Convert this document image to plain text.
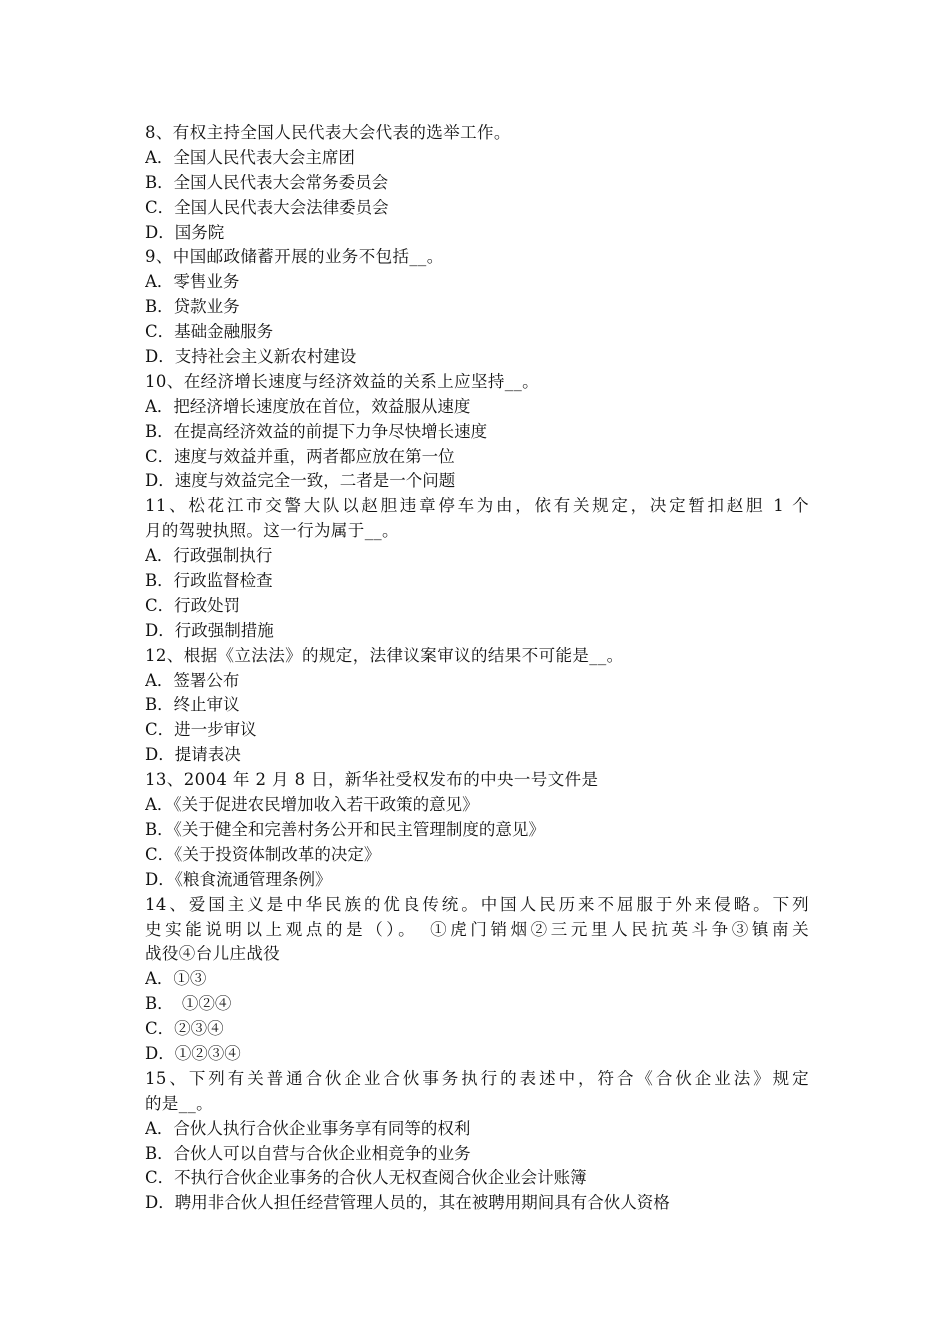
8、有权主持全国人民代表大会代表的选举工作。
A．全国人民代表大会主席团
B．全国人民代表大会常务委员会
C．全国人民代表大会法律委员会
D．国务院
9、中国邮政储蓄开展的业务不包括__。
A．零售业务
B．贷款业务
C．基础金融服务
D．支持社会主义新农村建设
10、在经济增长速度与经济效益的关系上应坚持__。
A．把经济增长速度放在首位，效益服从速度
B．在提高经济效益的前提下力争尽快增长速度
C．速度与效益并重，两者都应放在第一位
D．速度与效益完全一致，二者是一个问题
11、松花江市交警大队以赵胆违章停车为由，依有关规定，决定暂扣赵胆 1 个
月的驾驶执照。这一行为属于__。
A．行政强制执行
B．行政监督检查
C．行政处罚
D．行政强制措施
12、根据《立法法》的规定，法律议案审议的结果不可能是__。
A．签署公布
B．终止审议
C．进一步审议
D．提请表决
13、2004 年 2 月 8 日，新华社受权发布的中央一号文件是
A．《关于促进农民增加收入若干政策的意见》
B．《关于健全和完善村务公开和民主管理制度的意见》
C．《关于投资体制改革的决定》
D．《粮食流通管理条例》
14、爱国主义是中华民族的优良传统。中国人民历来不屈服于外来侵略。下列
史实能说明以上观点的是（）。　①虎门销烟②三元里人民抗英斗争③镇南关
战役④台儿庄战役
A．①③
B．　①②④
C．②③④
D．①②③④
15、下列有关普通合伙企业合伙事务执行的表述中，符合《合伙企业法》规定
的是__。
A．合伙人执行合伙企业事务享有同等的权利
B．合伙人可以自营与合伙企业相竞争的业务
C．不执行合伙企业事务的合伙人无权查阅合伙企业会计账簿
D．聘用非合伙人担任经营管理人员的，其在被聘用期间具有合伙人资格
